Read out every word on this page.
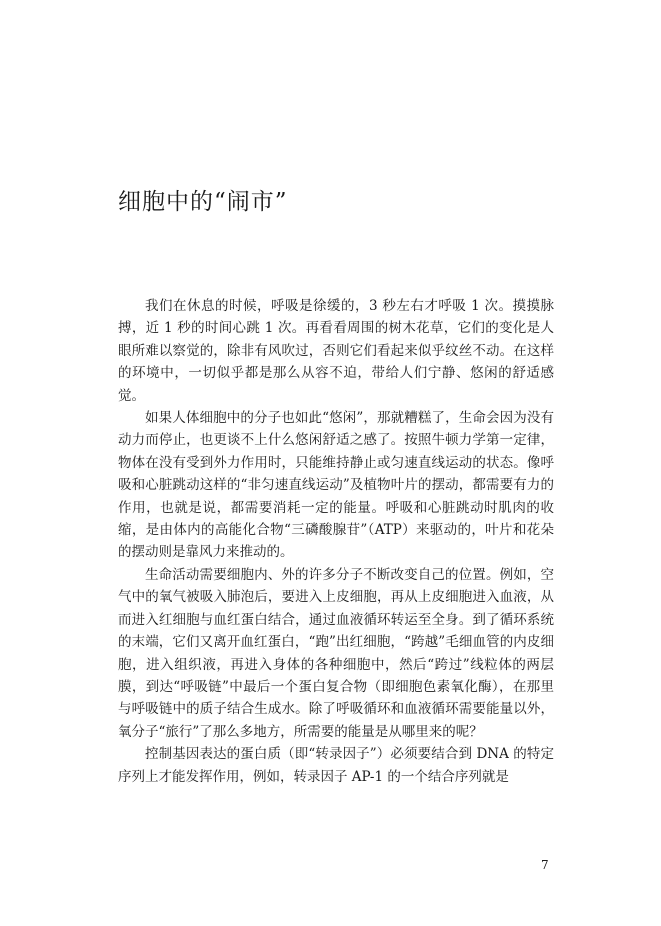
细胞中的“闹市”

我们在休息的时候，呼吸是徐缓的，3 秒左右才呼吸 1 次。摸摸脉搏，近 1 秒的时间心跳 1 次。再看看周围的树木花草，它们的变化是人眼所难以察觉的，除非有风吹过，否则它们看起来似乎纹丝不动。在这样的环境中，一切似乎都是那么从容不迫，带给人们宁静、悠闲的舒适感觉。

如果人体细胞中的分子也如此“悠闲”，那就糟糕了，生命会因为没有动力而停止，也更谈不上什么悠闲舒适之感了。按照牛顿力学第一定律，物体在没有受到外力作用时，只能维持静止或匀速直线运动的状态。像呼吸和心脏跳动这样的“非匀速直线运动”及植物叶片的摆动，都需要有力的作用，也就是说，都需要消耗一定的能量。呼吸和心脏跳动时肌肉的收缩，是由体内的高能化合物“三磷酸腺苷”（ATP）来驱动的，叶片和花朵的摆动则是靠风力来推动的。

生命活动需要细胞内、外的许多分子不断改变自己的位置。例如，空气中的氧气被吸入肺泡后，要进入上皮细胞，再从上皮细胞进入血液，从而进入红细胞与血红蛋白结合，通过血液循环转运至全身。到了循环系统的末端，它们又离开血红蛋白，“跑”出红细胞，“跨越”毛细血管的内皮细胞，进入组织液，再进入身体的各种细胞中，然后“跨过”线粒体的两层膜，到达“呼吸链”中最后一个蛋白复合物（即细胞色素氧化酶），在那里与呼吸链中的质子结合生成水。除了呼吸循环和血液循环需要能量以外，氧分子“旅行”了那么多地方，所需要的能量是从哪里来的呢？

控制基因表达的蛋白质（即“转录因子”）必须要结合到 DNA 的特定序列上才能发挥作用，例如，转录因子 AP-1 的一个结合序列就是

7
